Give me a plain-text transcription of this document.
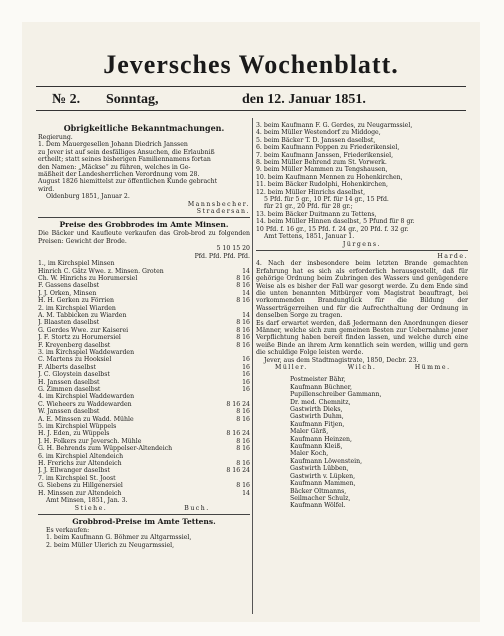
Jeversches Wochenblatt.
№ 2. Sonntag,	den 12. Januar 1851.
Obrigkeitliche Bekanntmachungen.
Regierung.
1. Dem Mauergesellen Johann Diedrich Janssen
zu Jever ist auf sein desfälliges Ansuchen, die Erlaubniß
ertheilt; statt seines bisherigen Familiennamens fortan
den Namen: „Mäckse“ zu führen, welches in Ge-
mäßheit der Landesherrlichen Verordnung vom 28.
August 1826 hiemittelst zur öffentlichen Kunde gebracht
wird.
Oldenburg 1851, Januar 2.
Mannsbecher.
Stradersan.
Preise des Grobbrodes im Amte Minsen.
Die Bäcker und Kaufleute verkaufen das Grob-brod zu folgenden Preisen: Gewicht der Brode.
5 10 15 20
Pfd. Pfd. Pfd. Pfd.
1., im Kirchspiel Minsen
Hinrich C. Gätz Wwe. z. Minsen. Groten	14
Ch. W. Hinrichs zu Horumersiel	8 16
F. Gassens daselbst	8 16
J. J. Orken, Minsen	14
H. H. Gerken zu Förrien	8 16
2. im Kirchspiel Wiarden
A. M. Tabbicken zu Wiarden	14
J. Blaasten daselbst	8 16
G. Gerdes Wwe. zur Kaiserei	8 16
J. F. Stortz zu Horumersiel	8 16
F. Kreyenberg daselbst	8 16
3. im Kirchspiel Waddewarden
C. Martens zu Hooksiel	16
F. Alberts daselbst	16
J. C. Gloystein daselbst	16
H. Janssen daselbst	16
G. Zimmen daselbst	16
4. im Kirchspiel Waddewarden
C. Wieheers zu Waddewarden	8 16 24
W. Janssen daselbst	8 16
A. E. Minssen zu Wadd. Mühle	8 16
5. im Kirchspiel Wüppels
H. J. Eden, zu Wüppels	8 16 24
J. H. Folkers zur Jeversch. Mühle	8 16
G. H. Behrends zum Wüppelser-Altendeich	8 16
6. im Kirchspiel Altendeich
H. Frerichs zur Altendeich	8 16
J. J. Ellwanger daselbst	8 16 24
7. im Kirchspiel St. Joost
G. Siebens zu Hillgenersiel	8 16
H. Minssen zur Altendeich	14
Amt Minsen, 1851, Jan. 3.
Stiehe.	Buch.
Grobbrod-Preise im Amte Tettens.
Es verkaufen:
1. beim Kaufmann G. Böhmer zu Altgarmssiel,
2. beim Müller Ulerich zu Neugarmssiel,
3. beim Kaufmann F. G. Gerdes, zu Neugarmssiel,
4. beim Müller Westendorf zu Middoge,
5. beim Bäcker T. D. Janssen daselbst,
6. beim Kaufmann Poppen zu Friederikensiel,
7. beim Kaufmann Janssen, Friederikensiel,
8. beim Müller Behrend zum St. Vorwerk.
9. beim Müller Mammen zu Tengshausen,
10. beim Kaufmann Mennen zu Hohenkirchen,
11. beim Bäcker Rudolphi, Hohenkirchen,
12. beim Müller Hinrichs daselbst,
5 Pfd. für 5 gr., 10 Pf. für 14 gr., 15 Pfd.
für 21 gr., 20 Pfd. für 28 gr.;
13. beim Bäcker Duitmann zu Tettens,
14. beim Müller Hinnen daselbst, 5 Pfund für 8 gr.
10 Pfd. f. 16 gr., 15 Pfd. f. 24 gr., 20 Pfd. f. 32 gr.
Amt Tettens, 1851, Januar 1.
Jürgens.
Harde.
4. Nach der insbesondere beim letzten Brande gemachten Erfahrung hat es sich als erforderlich herausgestellt, daß für gehörige Ordnung beim Zubringen des Wassers und genügendere Weise als es bisher der Fall war gesorgt werde. Zu dem Ende sind die unten benannten Mitbürger vom Magistrat beauftragt, bei vorkommenden Brandunglück für die Bildung der Wasserträgerreihen und für die Aufrechthaltung der Ordnung in denselben Sorge zu tragen.
Es darf erwartet werden, daß Jedermann den Anordnungen dieser Männer, welche sich zum gemeinen Besten zur Uebernahme jener Verpflichtung haben bereit finden lassen, und welche durch eine weiße Binde an ihrem Arm kenntlich sein werden, willig und gern die schuldige Folge leisten werde.
Jever, aus dem Stadtmagistrate, 1850, Decbr. 23.
Müller.	Wilch.	Hümme.
Postmeister Bähr,
Kaufmann Büchner,
Pupillenschreiber Gammann,
Dr. med. Chemnitz,
Gastwirth Dieks,
Gastwirth Duhm,
Kaufmann Fitjen,
Maler Gärß,
Kaufmann Heinzen,
Kaufmann Kleiß,
Maler Koch,
Kaufmann Löwenstein,
Gastwirth Lübben,
Gastwirth v. Lüpken,
Kaufmann Mammen,
Bäcker Oltmanns,
Seilmacher Schulz,
Kaufmann Wölfel.
